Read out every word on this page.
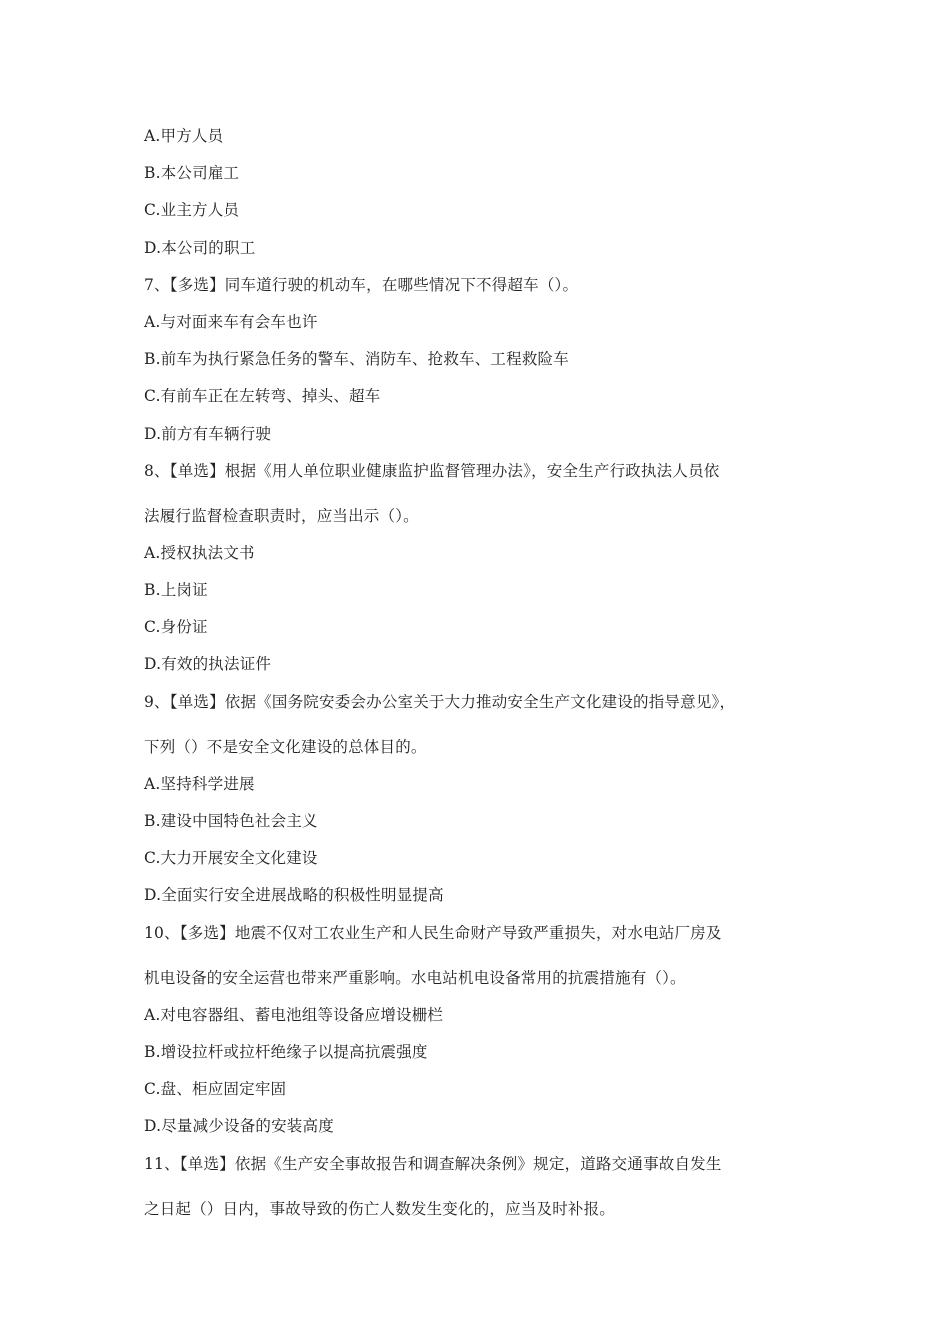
A.甲方人员
B.本公司雇工
C.业主方人员
D.本公司的职工
7、【多选】同车道行驶的机动车，在哪些情况下不得超车（）。
A.与对面来车有会车也许
B.前车为执行紧急任务的警车、消防车、抢救车、工程救险车
C.有前车正在左转弯、掉头、超车
D.前方有车辆行驶
8、【单选】根据《用人单位职业健康监护监督管理办法》，安全生产行政执法人员依
法履行监督检查职责时，应当出示（）。
A.授权执法文书
B.上岗证
C.身份证
D.有效的执法证件
9、【单选】依据《国务院安委会办公室关于大力推动安全生产文化建设的指导意见》，
下列（）不是安全文化建设的总体目的。
A.坚持科学进展
B.建设中国特色社会主义
C.大力开展安全文化建设
D.全面实行安全进展战略的积极性明显提高
10、【多选】地震不仅对工农业生产和人民生命财产导致严重损失，对水电站厂房及
机电设备的安全运营也带来严重影响。水电站机电设备常用的抗震措施有（）。
A.对电容器组、蓄电池组等设备应增设栅栏
B.增设拉杆或拉杆绝缘子以提高抗震强度
C.盘、柜应固定牢固
D.尽量减少设备的安装高度
11、【单选】依据《生产安全事故报告和调查解决条例》规定，道路交通事故自发生
之日起（）日内，事故导致的伤亡人数发生变化的，应当及时补报。
